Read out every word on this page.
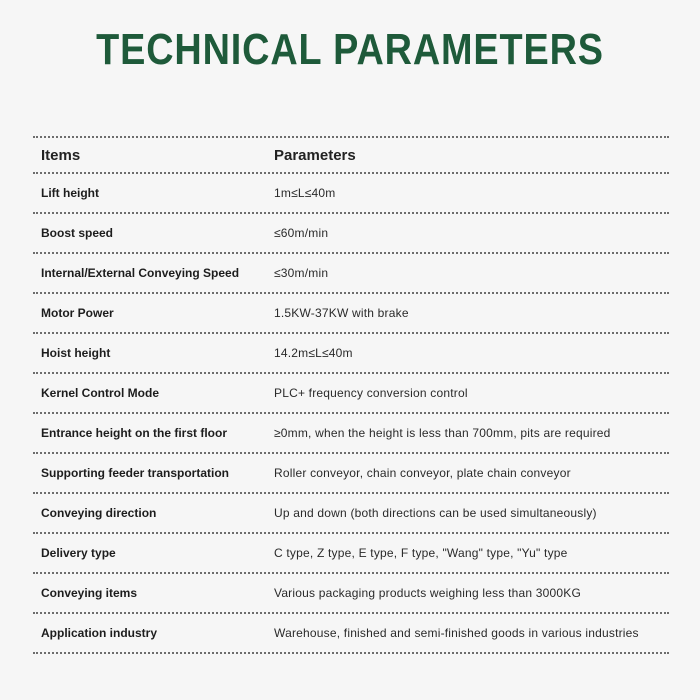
TECHNICAL PARAMETERS
Items	Parameters
Lift height	1m≤L≤40m
Boost speed	≤60m/min
Internal/External Conveying Speed	≤30m/min
Motor Power	1.5KW-37KW with brake
Hoist height	14.2m≤L≤40m
Kernel Control Mode	PLC+ frequency conversion control
Entrance height on the first floor	≥0mm, when the height is less than 700mm, pits are required
Supporting feeder transportation	Roller conveyor, chain conveyor, plate chain conveyor
Conveying direction	Up and down (both directions can be used simultaneously)
Delivery type	C type, Z type, E type, F type, "Wang" type, "Yu" type
Conveying items	Various packaging products weighing less than 3000KG
Application industry	Warehouse, finished and semi-finished goods in various industries
